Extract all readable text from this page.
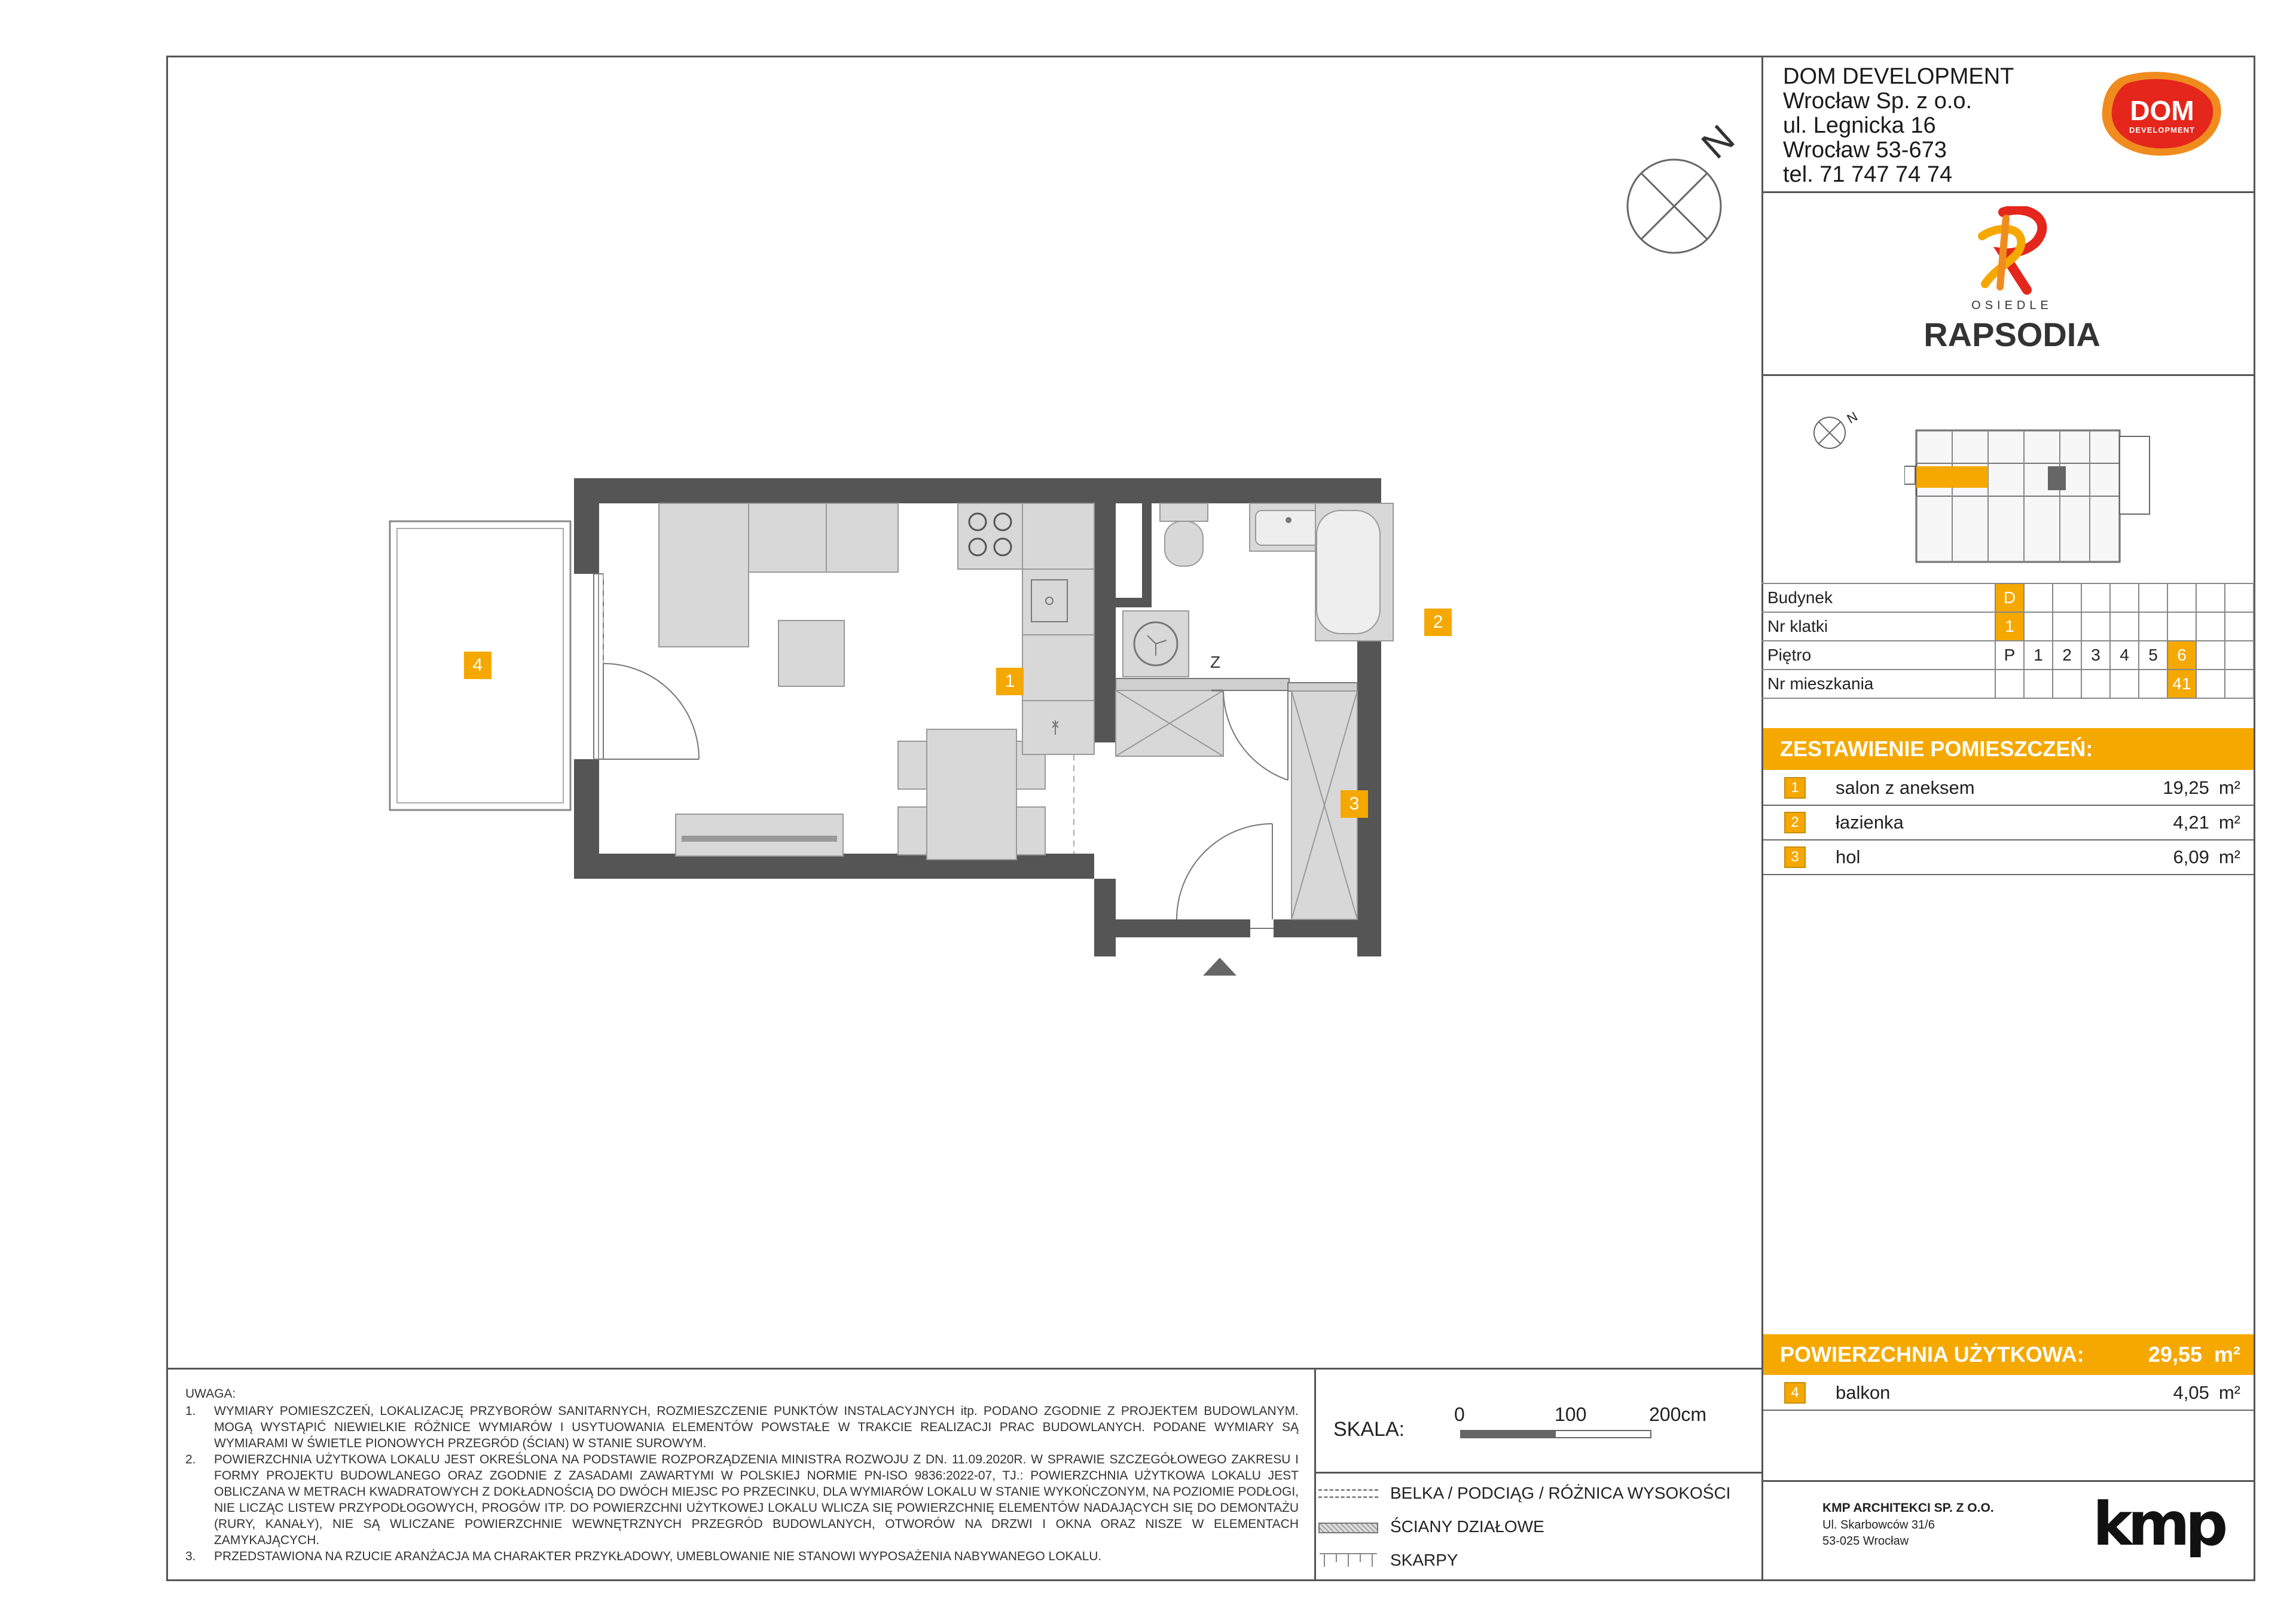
DOM DEVELOPMENT
Wrocław Sp. z o.o.
ul. Legnicka 16
Wrocław 53-673
tel. 71 747 74 74
DOM
DEVELOPMENT
OSIEDLE
RAPSODIA
N
Budynek	D								
Nr klatki	1								
Piętro	P	1	2	3	4	5	6		
Nr mieszkania							41		
ZESTAWIENIE POMIESZCZEŃ:
1	salon z aneksem	19,25 m²
2	łazienka	4,21 m²
3	hol	6,09 m²
POWIERZCHNIA UŻYTKOWA:	29,55 m²
4	balkon	4,05 m²
KMP ARCHITEKCI SP. Z O.O.
Ul. Skarbowców 31/6
53-025 Wrocław	kmp
UWAGA:
1.	WYMIARY POMIESZCZEŃ, LOKALIZACJĘ PRZYBORÓW SANITARNYCH, ROZMIESZCZENIE PUNKTÓW INSTALACYJNYCH itp. PODANO ZGODNIE Z PROJEKTEM BUDOWLANYM. MOGĄ WYSTĄPIĆ NIEWIELKIE RÓŻNICE WYMIARÓW I USYTUOWANIA ELEMENTÓW POWSTAŁE W TRAKCIE REALIZACJI PRAC BUDOWLANYCH. PODANE WYMIARY SĄ WYMIARAMI W ŚWIETLE PIONOWYCH PRZEGRÓD (ŚCIAN) W STANIE SUROWYM.
2.	POWIERZCHNIA UŻYTKOWA LOKALU JEST OKREŚLONA NA PODSTAWIE ROZPORZĄDZENIA MINISTRA ROZWOJU Z DN. 11.09.2020R. W SPRAWIE SZCZEGÓŁOWEGO ZAKRESU I FORMY PROJEKTU BUDOWLANEGO ORAZ ZGODNIE Z ZASADAMI ZAWARTYMI W POLSKIEJ NORMIE PN-ISO 9836:2022-07, TJ.: POWIERZCHNIA UŻYTKOWA LOKALU JEST OBLICZANA W METRACH KWADRATOWYCH Z DOKŁADNOŚCIĄ DO DWÓCH MIEJSC PO PRZECINKU, DLA WYMIARÓW LOKALU W STANIE WYKOŃCZONYM, NA POZIOMIE PODŁOGI, NIE LICZĄC LISTEW PRZYPODŁOGOWYCH, PROGÓW ITP. DO POWIERZCHNI UŻYTKOWEJ LOKALU WLICZA SIĘ POWIERZCHNIĘ ELEMENTÓW NADAJĄCYCH SIĘ DO DEMONTAŻU (RURY, KANAŁY), NIE SĄ WLICZANE POWIERZCHNIE WEWNĘTRZNYCH PRZEGRÓD BUDOWLANYCH, OTWORÓW NA DRZWI I OKNA ORAZ NISZE W ELEMENTACH ZAMYKAJĄCYCH.
3.	PRZEDSTAWIONA NA RZUCIE ARANŻACJA MA CHARAKTER PRZYKŁADOWY, UMEBLOWANIE NIE STANOWI WYPOSAŻENIA NABYWANEGO LOKALU.
SKALA:
0	100	200cm
BELKA / PODCIĄG / RÓŻNICA WYSOKOŚCI
ŚCIANY DZIAŁOWE
SKARPY
N
1
2
3
4	Z
